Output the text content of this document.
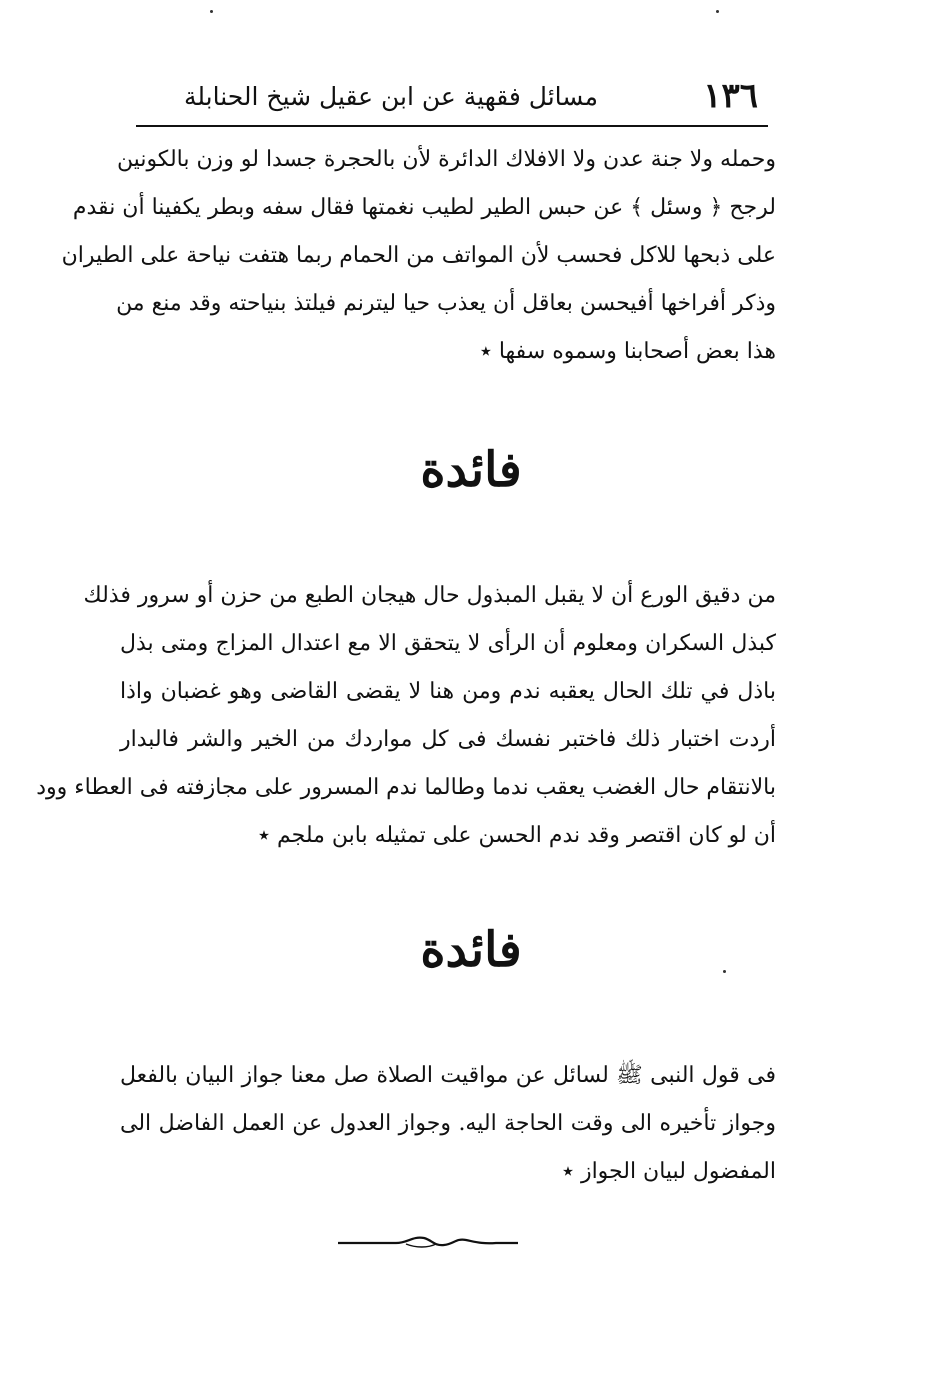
١٣٦
مسائل فقهية عن ابن عقيل شيخ الحنابلة
وحمله ولا جنة عدن ولا الافلاك الدائرة لأن بالحجرة جسدا لو وزن بالكونين
لرجح ﴿ وسئل ﴾ عن حبس الطير لطيب نغمتها فقال سفه وبطر يكفينا أن نقدم
على ذبحها للاكل فحسب لأن المواتف من الحمام ربما هتفت نياحة على الطيران
وذكر أفراخها أفيحسن بعاقل أن يعذب حيا ليترنم فيلتذ بنياحته وقد منع من
هذا بعض أصحابنا وسموه سفها ٭
فائدة
من دقيق الورع أن لا يقبل المبذول حال هيجان الطبع من حزن أو سرور فذلك
كبذل السكران ومعلوم أن الرأى لا يتحقق الا مع اعتدال المزاج ومتى بذل
باذل في تلك الحال يعقبه ندم ومن هنا لا يقضى القاضى وهو غضبان واذا
أردت اختبار ذلك فاختبر نفسك فى كل مواردك من الخير والشر فالبدار
بالانتقام حال الغضب يعقب ندما وطالما ندم المسرور على مجازفته فى العطاء وود
أن لو كان اقتصر وقد ندم الحسن على تمثيله بابن ملجم ٭
فائدة
فى قول النبى ﷺ لسائل عن مواقيت الصلاة صل معنا جواز البيان بالفعل
وجواز تأخيره الى وقت الحاجة اليه. وجواز العدول عن العمل الفاضل الى
المفضول لبيان الجواز ٭
